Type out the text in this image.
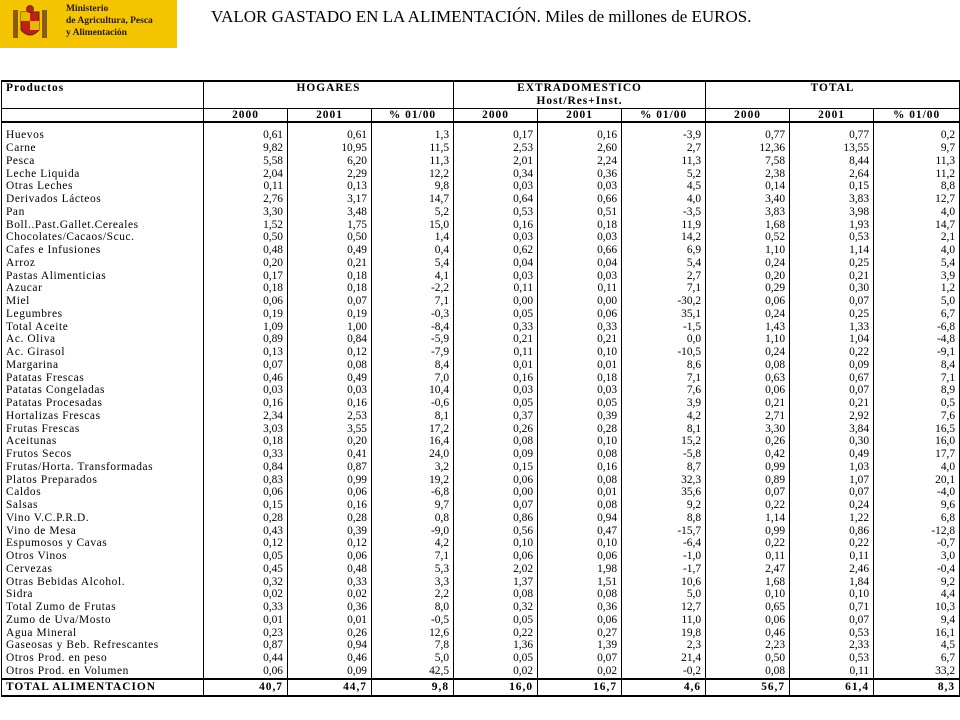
Ministerio
de Agricultura, Pesca
y Alimentación
VALOR GASTADO EN LA ALIMENTACIÓN. Miles de millones de EUROS.
Productos	HOGARES			EXTRADOMESTICO			TOTAL		
				Host/Res+Inst.					
	2000	2001	% 01/00	2000	2001	% 01/00	2000	2001	% 01/00

Huevos	0,61	0,61	1,3	0,17	0,16	-3,9	0,77	0,77	0,2
Carne	9,82	10,95	11,5	2,53	2,60	2,7	12,36	13,55	9,7
Pesca	5,58	6,20	11,3	2,01	2,24	11,3	7,58	8,44	11,3
Leche Liquida	2,04	2,29	12,2	0,34	0,36	5,2	2,38	2,64	11,2
Otras Leches	0,11	0,13	9,8	0,03	0,03	4,5	0,14	0,15	8,8
Derivados Lácteos	2,76	3,17	14,7	0,64	0,66	4,0	3,40	3,83	12,7
Pan	3,30	3,48	5,2	0,53	0,51	-3,5	3,83	3,98	4,0
Boll..Past.Gallet.Cereales	1,52	1,75	15,0	0,16	0,18	11,9	1,68	1,93	14,7
Chocolates/Cacaos/Sсuc.	0,50	0,50	1,4	0,03	0,03	14,2	0,52	0,53	2,1
Cafes e Infusiones	0,48	0,49	0,4	0,62	0,66	6,9	1,10	1,14	4,0
Arroz	0,20	0,21	5,4	0,04	0,04	5,4	0,24	0,25	5,4
Pastas Alimenticias	0,17	0,18	4,1	0,03	0,03	2,7	0,20	0,21	3,9
Azucar	0,18	0,18	-2,2	0,11	0,11	7,1	0,29	0,30	1,2
Miel	0,06	0,07	7,1	0,00	0,00	-30,2	0,06	0,07	5,0
Legumbres	0,19	0,19	-0,3	0,05	0,06	35,1	0,24	0,25	6,7
Total Aceite	1,09	1,00	-8,4	0,33	0,33	-1,5	1,43	1,33	-6,8
Ac. Oliva	0,89	0,84	-5,9	0,21	0,21	0,0	1,10	1,04	-4,8
Ac. Girasol	0,13	0,12	-7,9	0,11	0,10	-10,5	0,24	0,22	-9,1
Margarina	0,07	0,08	8,4	0,01	0,01	8,6	0,08	0,09	8,4
Patatas Frescas	0,46	0,49	7,0	0,16	0,18	7,1	0,63	0,67	7,1
Patatas Congeladas	0,03	0,03	10,4	0,03	0,03	7,6	0,06	0,07	8,9
Patatas Procesadas	0,16	0,16	-0,6	0,05	0,05	3,9	0,21	0,21	0,5
Hortalizas Frescas	2,34	2,53	8,1	0,37	0,39	4,2	2,71	2,92	7,6
Frutas Frescas	3,03	3,55	17,2	0,26	0,28	8,1	3,30	3,84	16,5
Aceitunas	0,18	0,20	16,4	0,08	0,10	15,2	0,26	0,30	16,0
Frutos Secos	0,33	0,41	24,0	0,09	0,08	-5,8	0,42	0,49	17,7
Frutas/Horta. Transformadas	0,84	0,87	3,2	0,15	0,16	8,7	0,99	1,03	4,0
Platos Preparados	0,83	0,99	19,2	0,06	0,08	32,3	0,89	1,07	20,1
Caldos	0,06	0,06	-6,8	0,00	0,01	35,6	0,07	0,07	-4,0
Salsas	0,15	0,16	9,7	0,07	0,08	9,2	0,22	0,24	9,6
Vino V.C.P.R.D.	0,28	0,28	0,8	0,86	0,94	8,8	1,14	1,22	6,8
Vino de Mesa	0,43	0,39	-9,0	0,56	0,47	-15,7	0,99	0,86	-12,8
Espumosos y Cavas	0,12	0,12	4,2	0,10	0,10	-6,4	0,22	0,22	-0,7
Otros Vinos	0,05	0,06	7,1	0,06	0,06	-1,0	0,11	0,11	3,0
Cervezas	0,45	0,48	5,3	2,02	1,98	-1,7	2,47	2,46	-0,4
Otras Bebidas Alcohol.	0,32	0,33	3,3	1,37	1,51	10,6	1,68	1,84	9,2
Sidra	0,02	0,02	2,2	0,08	0,08	5,0	0,10	0,10	4,4
Total Zumo de Frutas	0,33	0,36	8,0	0,32	0,36	12,7	0,65	0,71	10,3
Zumo de Uva/Mosto	0,01	0,01	-0,5	0,05	0,06	11,0	0,06	0,07	9,4
Agua Mineral	0,23	0,26	12,6	0,22	0,27	19,8	0,46	0,53	16,1
Gaseosas y Beb. Refrescantes	0,87	0,94	7,8	1,36	1,39	2,3	2,23	2,33	4,5
Otros Prod. en peso	0,44	0,46	5,0	0,05	0,07	21,4	0,50	0,53	6,7
Otros Prod. en Volumen	0,06	0,09	42,5	0,02	0,02	-0,2	0,08	0,11	33,2
TOTAL ALIMENTACION	40,7	44,7	9,8	16,0	16,7	4,6	56,7	61,4	8,3
